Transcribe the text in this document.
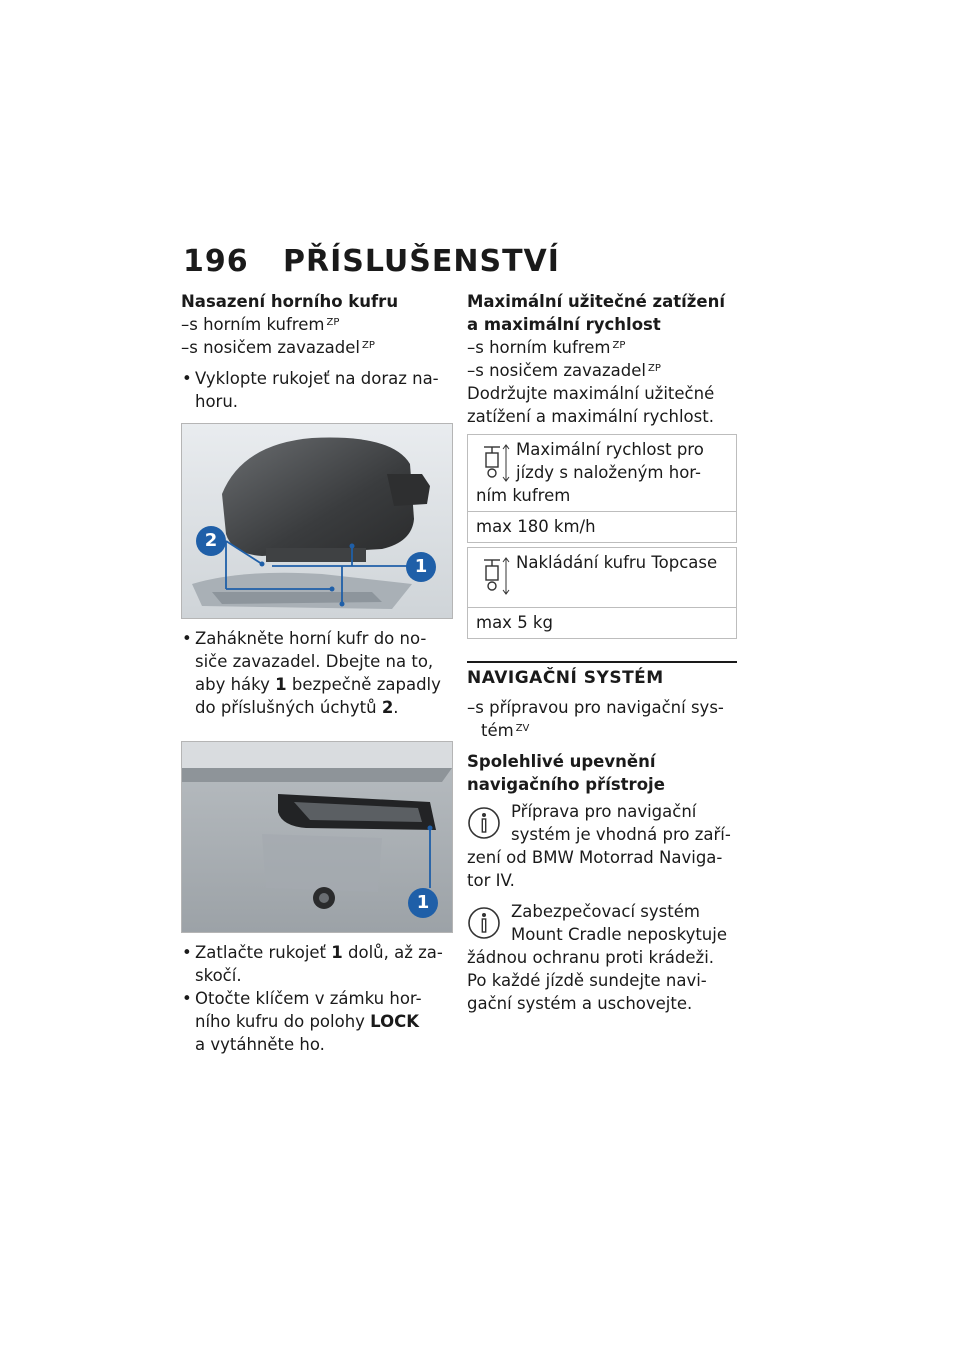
196 PŘÍSLUŠENSTVÍ

Nasazení horního kufru

– s horním kufrem $^{ZP}$

– s nosičem zavazadel $^{ZP}$

• Vyklopte rukojeť na doraz na-
horu.

2
1

• Zahákněte horní kufr do no-
siče zavazadel. Dbejte na to,
aby háky 1 bezpečně zapadly
do příslušných úchytů 2.

1

• Zatlačte rukojeť 1 dolů, až za-
skočí.

• Otočte klíčem v zámku hor-
ního kufru do polohy LOCK
a vytáhněte ho.

Maximální užitečné zatížení
a maximální rychlost

– s horním kufrem $^{ZP}$

– s nosičem zavazadel $^{ZP}$

Dodržujte maximální užitečné
zatížení a maximální rychlost.

Maximální rychlost pro
jízdy s naloženým hor-
ním kufrem
max 180 km/h
Nakládání kufru Topcase
max 5 kg

NAVIGAČNÍ SYSTÉM

– s přípravou pro navigační sys-
tém $^{ZV}$

Spolehlivé upevnění
navigačního přístroje

Příprava pro navigační
systém je vhodná pro zaří-
zení od BMW Motorrad Naviga-
tor IV.
Zabezpečovací systém
Mount Cradle neposkytuje
žádnou ochranu proti krádeži.
Po každé jízdě sundejte navi-
gační systém a uschovejte.
